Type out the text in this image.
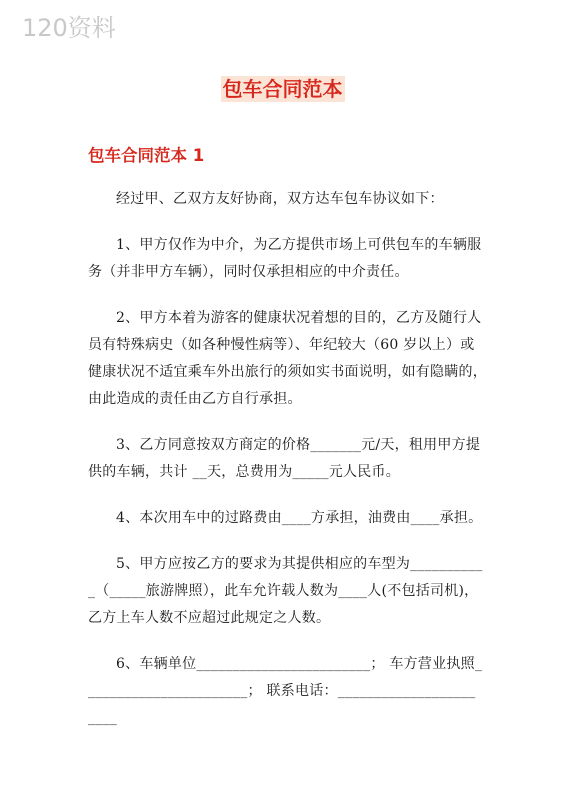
120资料
包车合同范本
包车合同范本 1
经过甲、乙双方友好协商，双方达车包车协议如下：
1、甲方仅作为中介，为乙方提供市场上可供包车的车辆服
务（并非甲方车辆），同时仅承担相应的中介责任。
2、甲方本着为游客的健康状况着想的目的，乙方及随行人
员有特殊病史（如各种慢性病等）、年纪较大（60 岁以上）或
健康状况不适宜乘车外出旅行的须如实书面说明，如有隐瞒的，
由此造成的责任由乙方自行承担。
3、乙方同意按双方商定的价格_______元/天，租用甲方提
供的车辆，共计 __天，总费用为_____元人民币。
4、本次用车中的过路费由____方承担，油费由____承担。
5、甲方应按乙方的要求为其提供相应的车型为__________
_（_____旅游牌照），此车允许载人数为____人(不包括司机)，
乙方上车人数不应超过此规定之人数。
6、车辆单位________________________； 车方营业执照_
______________________； 联系电话：___________________
____
